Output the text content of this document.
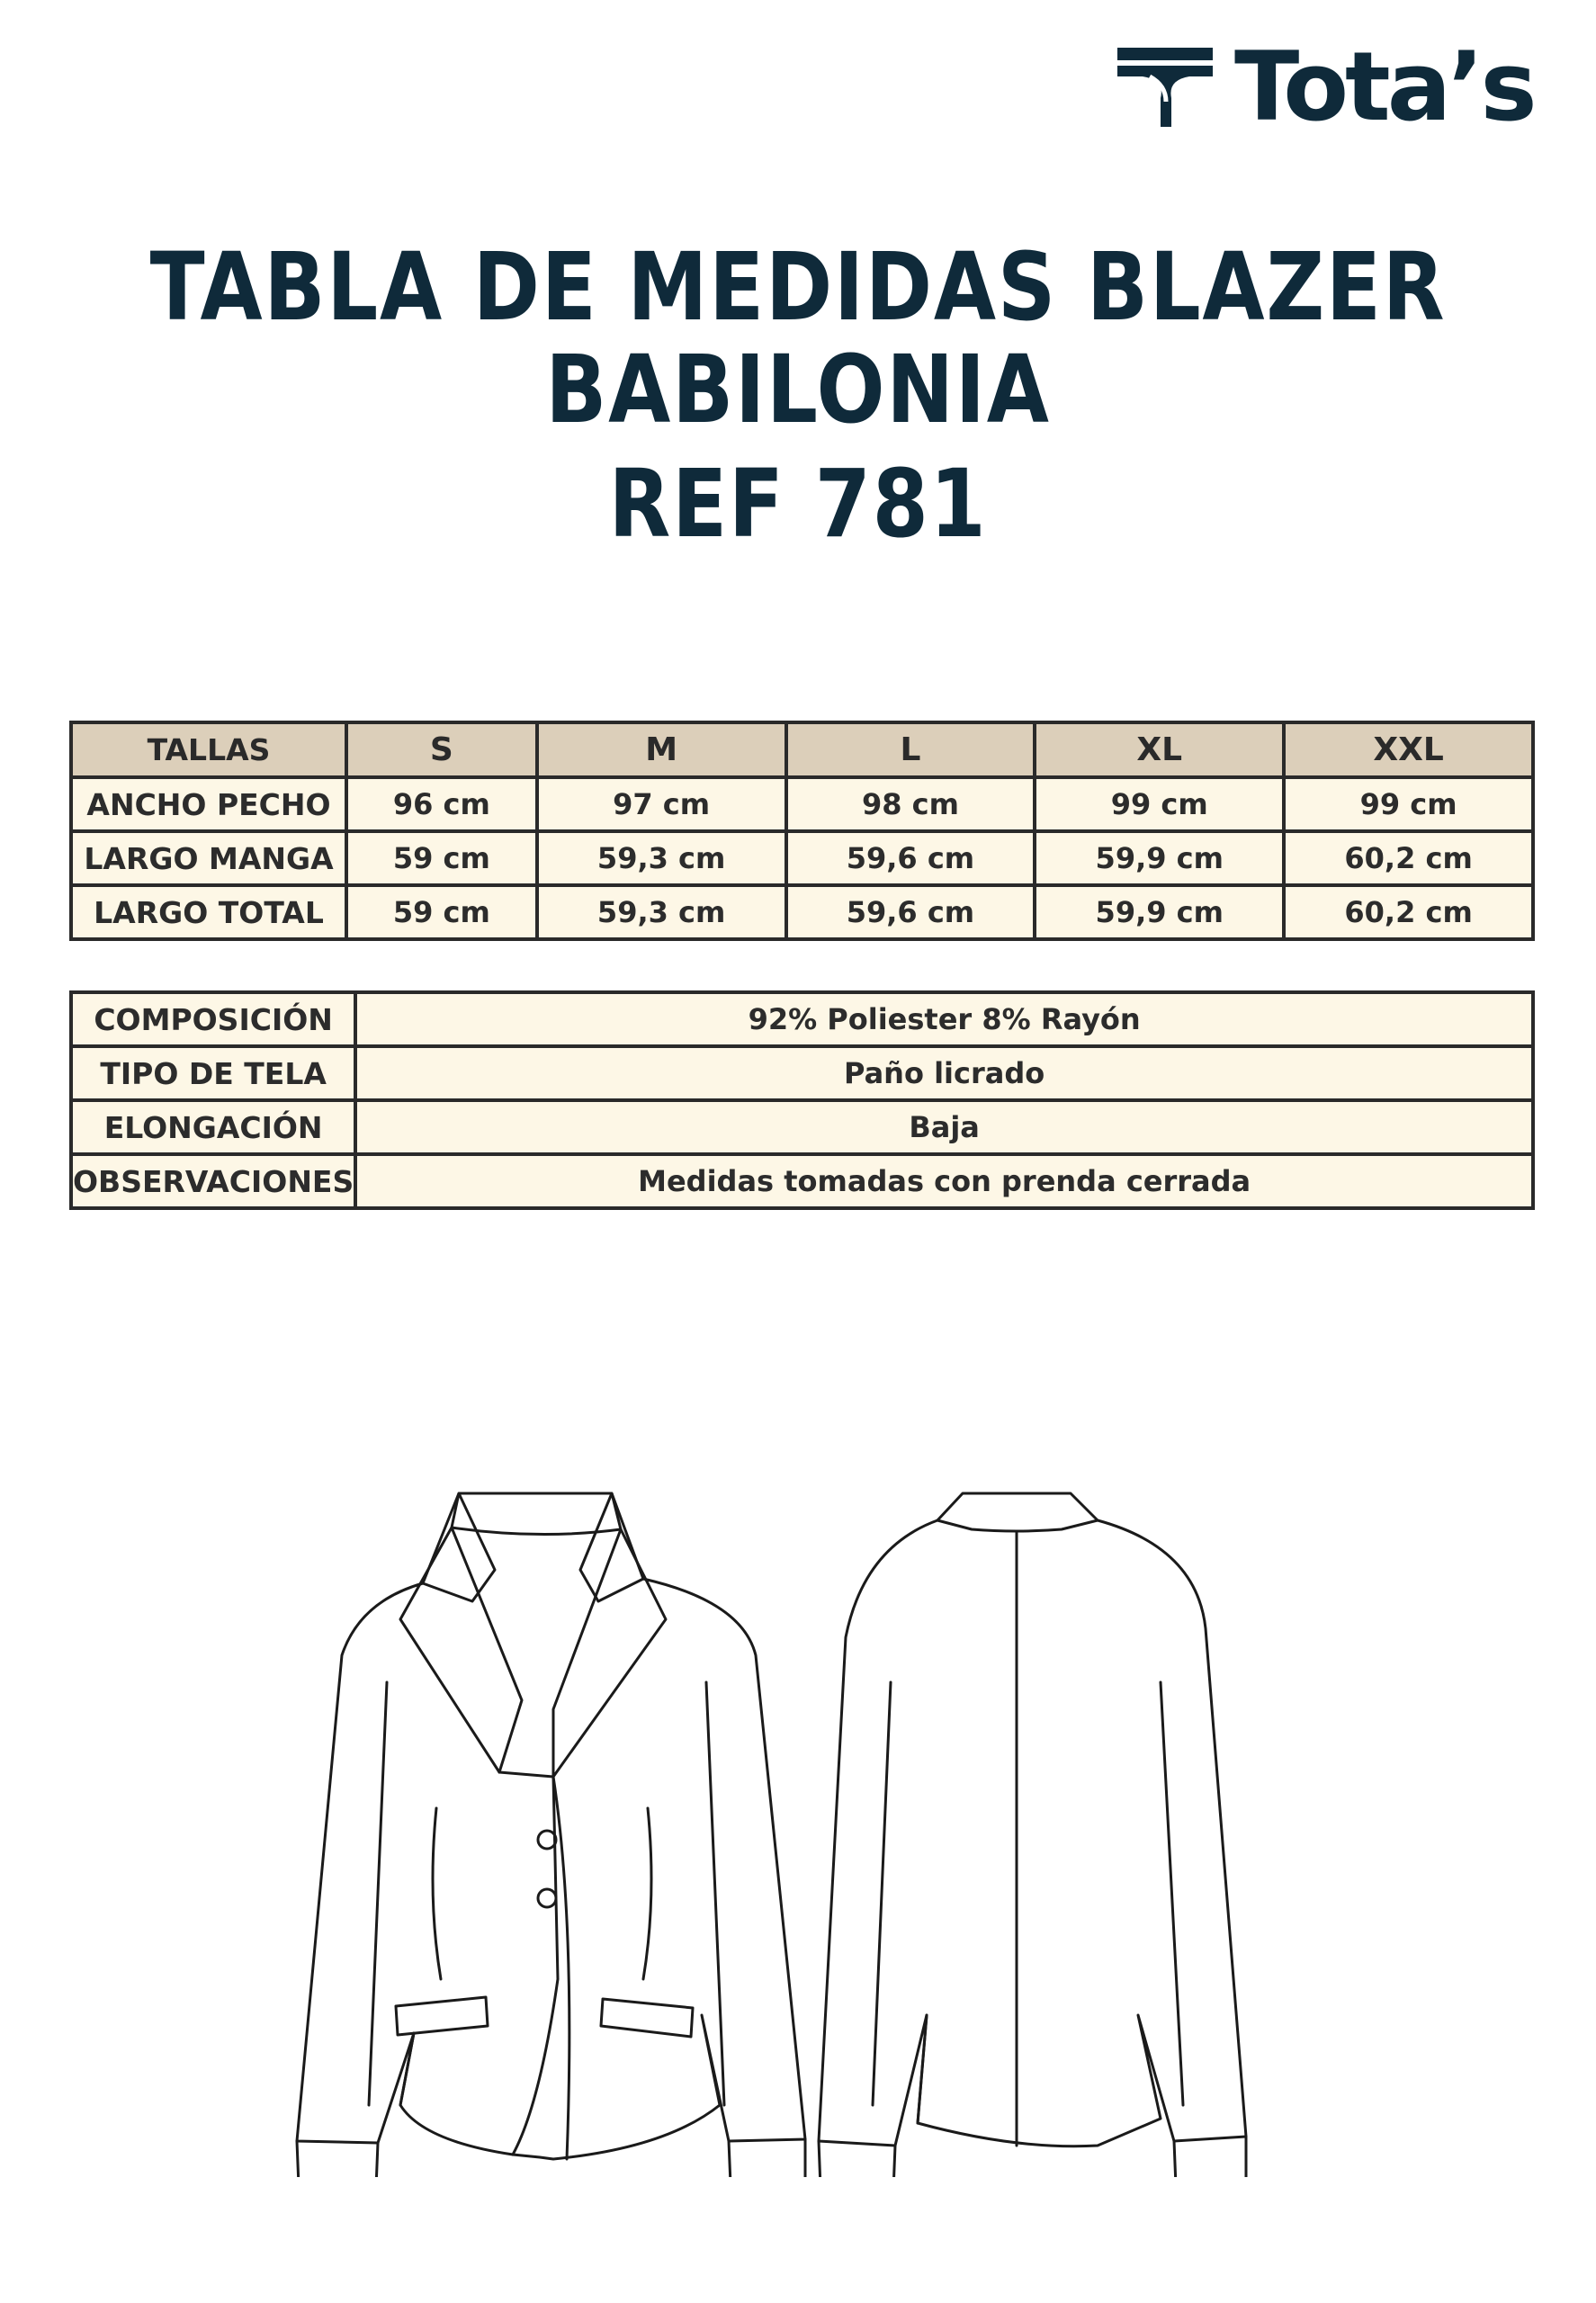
Tota’s
TABLA DE MEDIDAS BLAZER BABILONIA
REF 781
TALLAS	S	M	L	XL	XXL
ANCHO PECHO	96 cm	97 cm	98 cm	99 cm	99 cm
LARGO MANGA	59 cm	59,3 cm	59,6 cm	59,9 cm	60,2 cm
LARGO TOTAL	59 cm	59,3 cm	59,6 cm	59,9 cm	60,2 cm
COMPOSICIÓN	92% Poliester 8% Rayón
TIPO DE TELA	Paño licrado
ELONGACIÓN	Baja
OBSERVACIONES	Medidas tomadas con prenda cerrada
